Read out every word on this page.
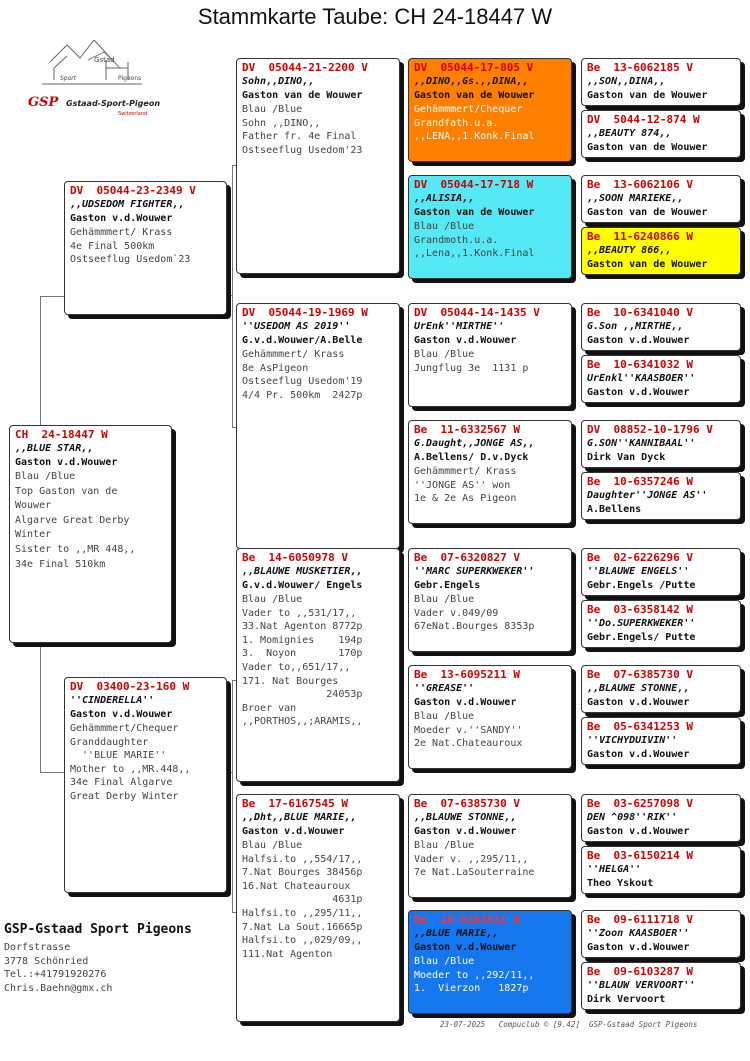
Stammkarte Taube: CH 24-18447 W
Gstad
Sport	Pigeons
GSP Gstaad-Sport-Pigeon
Switzerland
CH  24-18447 W
,,BLUE STAR,,
Gaston v.d.Wouwer
Blau /Blue
Top Gaston van de
Wouwer
Algarve Great Derby
Winter
Sister to ,,MR 448,,
34e Final 510km
DV  05044-23-2349 V
,,UDSEDOM FIGHTER,,
Gaston v.d.Wouwer
Gehämmmert/ Krass
4e Final 500km
Ostseeflug Usedom`23
DV  03400-23-160 W
''CINDERELLA''
Gaston v.d.Wouwer
Gehämmmert/Chequer
Granddaughter
''BLUE MARIE''
Mother to ,,MR.448,,
34e Final Algarve
Great Derby Winter
DV  05044-21-2200 V
Sohn,,DINO,,
Gaston van de Wouwer
Blau /Blue
Sohn ,,DINO,,
Father fr. 4e Final
Ostseeflug Usedom'23
DV  05044-19-1969 W
''USEDOM AS 2019''
G.v.d.Wouwer/A.Belle
Gehämmmert/ Krass
8e AsPigeon
Ostseeflug Usedom'19
4/4 Pr. 500km  2427p
Be  14-6050978 V
,,BLAUWE MUSKETIER,,
G.v.d.Wouwer/ Engels
Blau /Blue
Vader to ,,531/17,,
33.Nat Agenton 8772p
1. Momignies    194p
3.  Noyon       170p
Vader to,,651/17,,
171. Nat Bourges
24053p
Broer van
,,PORTHOS,,;ARAMIS,,
Be  17-6167545 W
,,Dht,,BLUE MARIE,,
Gaston v.d.Wouwer
Blau /Blue
Halfsi.to ,,554/17,,
7.Nat Bourges 38456p
16.Nat Chateauroux
4631p
Halfsi.to ,,295/11,,
7.Nat La Sout.16665p
Halfsi.to ,,029/09,,
111.Nat Agenton
DV  05044-17-805 V
,,DINO,,Gs.,,DINA,,
Gaston van de Wouwer
Gehämmmert/Chequer
Grandfath.u.a.
,,LENA,,1.Konk.Final
DV  05044-17-718 W
,,ALISIA,,
Gaston van de Wouwer
Blau /Blue
Grandmoth.u.a.
,,Lena,,1.Konk.Final
DV  05044-14-1435 V
UrEnk''MIRTHE''
Gaston v.d.Wouwer
Blau /Blue
Jungflug 3e  1131 p
Be  11-6332567 W
G.Daught,,JONGE AS,,
A.Bellens/ D.v.Dyck
Gehämmmert/ Krass
''JONGE AS'' won
1e & 2e As Pigeon
Be  07-6320827 V
''MARC SUPERKWEKER''
Gebr.Engels
Blau /Blue
Vader v.049/09
67eNat.Bourges 8353p
Be  13-6095211 W
''GREASE''
Gaston v.d.Wouwer
Blau /Blue
Moeder v.''SANDY''
2e Nat.Chateauroux
Be  07-6385730 V
,,BLAUWE STONNE,,
Gaston v.d.Wouwer
Blau /Blue
Vader v. ,,295/11,,
7e Nat.LaSouterraine
Be  10-6163831 W
,,BLUE MARIE,,
Gaston v.d.Wouwer
Blau /Blue
Moeder to ,,292/11,,
1.  Vierzon   1827p
Be  13-6062185 V
,,SON,,DINA,,
Gaston van de Wouwer
DV  5044-12-874 W
,,BEAUTY 874,,
Gaston van de Wouwer
Be  13-6062106 V
,,SOON MARIEKE,,
Gaston van de Wouwer
Be  11-6240866 W
,,BEAUTY 866,,
Gaston van de Wouwer
Be  10-6341040 V
G.Son ,,MIRTHE,,
Gaston v.d.Wouwer
Be  10-6341032 W
UrEnkl''KAASBOER''
Gaston v.d.Wouwer
DV  08852-10-1796 V
G.SON''KANNIBAAL''
Dirk Van Dyck
Be  10-6357246 W
Daughter''JONGE AS''
A.Bellens
Be  02-6226296 V
''BLAUWE ENGELS''
Gebr.Engels /Putte
Be  03-6358142 W
''Do.SUPERKWEKER''
Gebr.Engels/ Putte
Be  07-6385730 V
,,BLAUWE STONNE,,
Gaston v.d.Wouwer
Be  05-6341253 W
''VICHYDUIVIN''
Gaston v.d.Wouwer
Be  03-6257098 V
DEN ^098''RIK''
Gaston v.d.Wouwer
Be  03-6150214 W
''HELGA''
Theo Yskout
Be  09-6111718 V
''Zoon KAASBOER''
Gaston v.d.Wouwer
Be  09-6103287 W
''BLAUW VERVOORT''
Dirk Vervoort
GSP-Gstaad Sport Pigeons
Dorfstrasse
3778 Schönried
Tel.:+41791920276
Chris.Baehn@gmx.ch
23-07-2025   Compuclub © [9.42]  GSP-Gstaad Sport Pigeons
